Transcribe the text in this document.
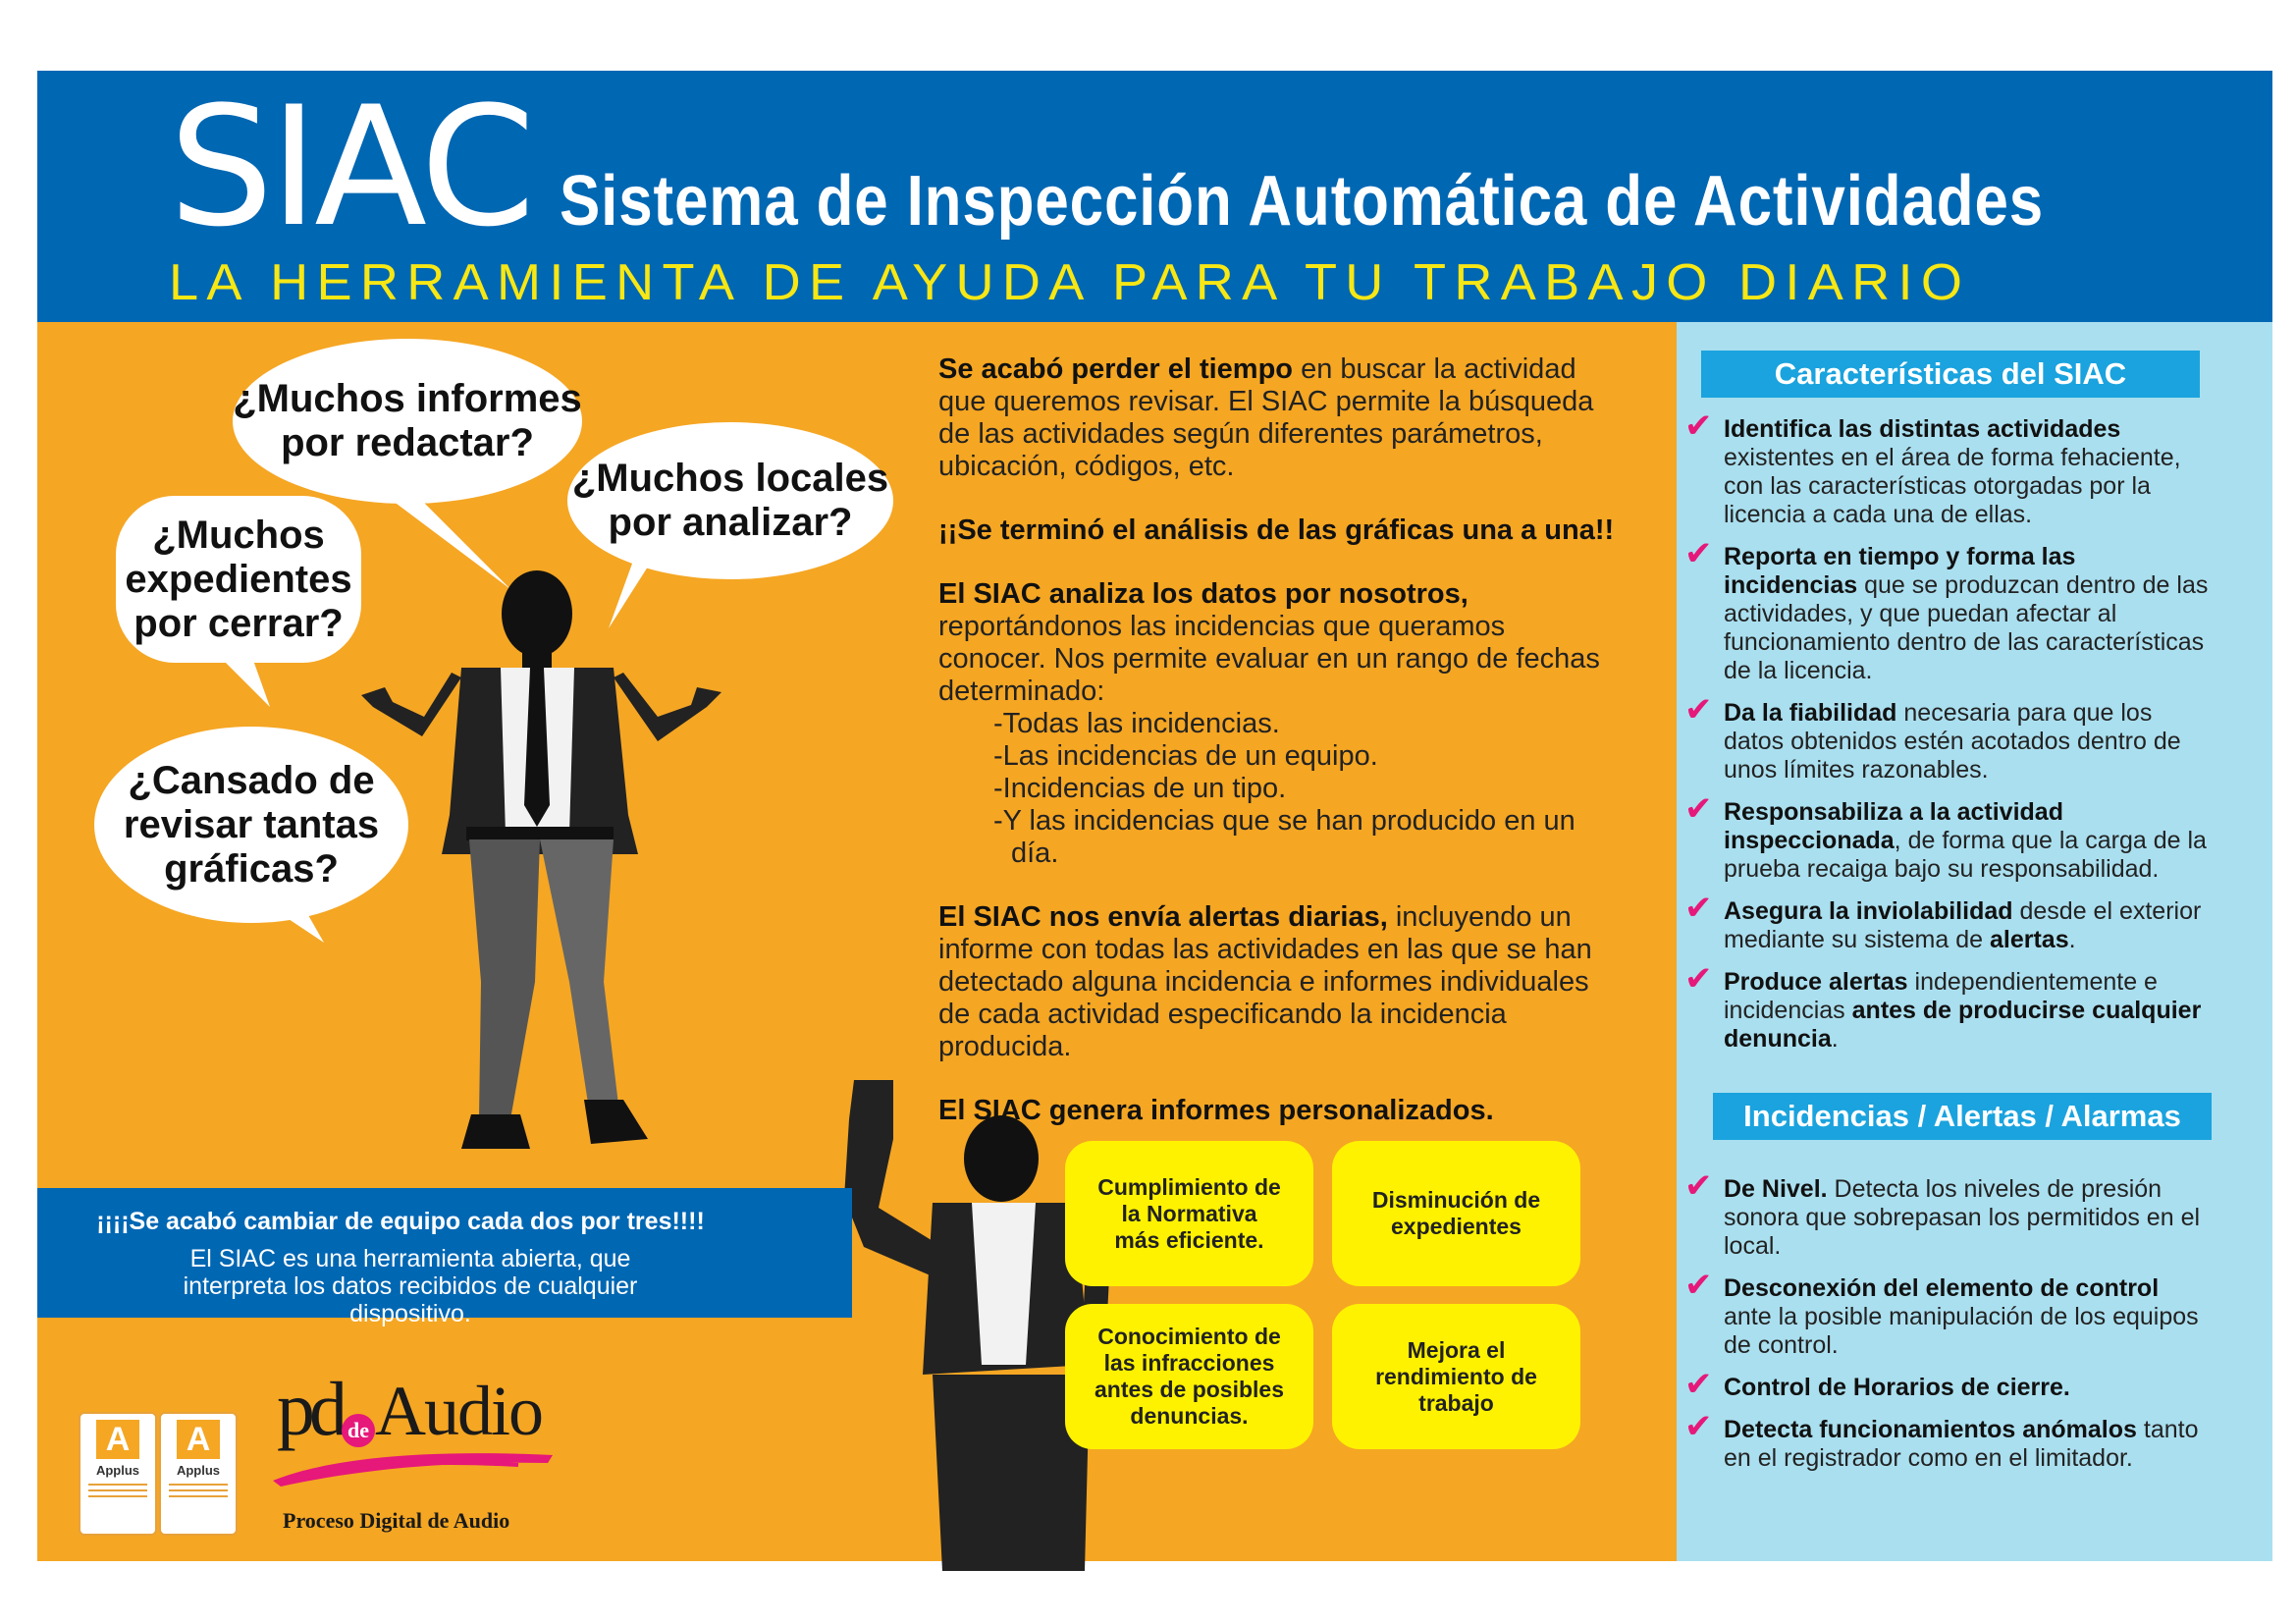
SIAC Sistema de Inspección Automática de Actividades
LA HERRAMIENTA DE AYUDA PARA TU TRABAJO DIARIO
¿Muchos informes
por redactar?
¿Muchos locales
por analizar?
¿Muchos
expedientes
por cerrar?
¿Cansado de
revisar tantas
gráficas?

Se acabó perder el tiempo en buscar la actividad que queremos revisar. El SIAC permite la búsqueda de las actividades según diferentes parámetros, ubicación, códigos, etc.

¡¡Se terminó el análisis de las gráficas una a una!!

El SIAC analiza los datos por nosotros, reportándonos las incidencias que queramos conocer. Nos permite evaluar en un rango de fechas determinado:
-Todas las incidencias.
-Las incidencias de un equipo.
-Incidencias de un tipo.
-Y las incidencias que se han producido en un día.

El SIAC nos envía alertas diarias, incluyendo un informe con todas las actividades en las que se han detectado alguna incidencia e informes individuales de cada actividad especificando la incidencia producida.

El SIAC genera informes personalizados.

Cumplimiento de la Normativa más eficiente.
Disminución de expedientes
Conocimiento de las infracciones antes de posibles denuncias.
Mejora el rendimiento de trabajo
¡¡¡¡Se acabó cambiar de equipo cada dos por tres!!!!
El SIAC es una herramienta abierta, que interpreta los datos recibidos de cualquier dispositivo.
A
Applus
A
Applus
pd deAudio
Proceso Digital de Audio
Características del SIAC
✔ Identifica las distintas actividades existentes en el área de forma fehaciente, con las características otorgadas por la licencia a cada una de ellas.
✔ Reporta en tiempo y forma las incidencias que se produzcan dentro de las actividades, y que puedan afectar al funcionamiento dentro de las características de la licencia.
✔ Da la fiabilidad necesaria para que los datos obtenidos estén acotados dentro de unos límites razonables.
✔ Responsabiliza a la actividad inspeccionada, de forma que la carga de la prueba recaiga bajo su responsabilidad.
✔ Asegura la inviolabilidad desde el exterior mediante su sistema de alertas.
✔ Produce alertas independientemente e incidencias antes de producirse cualquier denuncia.
Incidencias / Alertas / Alarmas
✔ De Nivel. Detecta los niveles de presión sonora que sobrepasan los permitidos en el local.
✔ Desconexión del elemento de control ante la posible manipulación de los equipos de control.
✔ Control de Horarios de cierre.
✔ Detecta funcionamientos anómalos tanto en el registrador como en el limitador.
